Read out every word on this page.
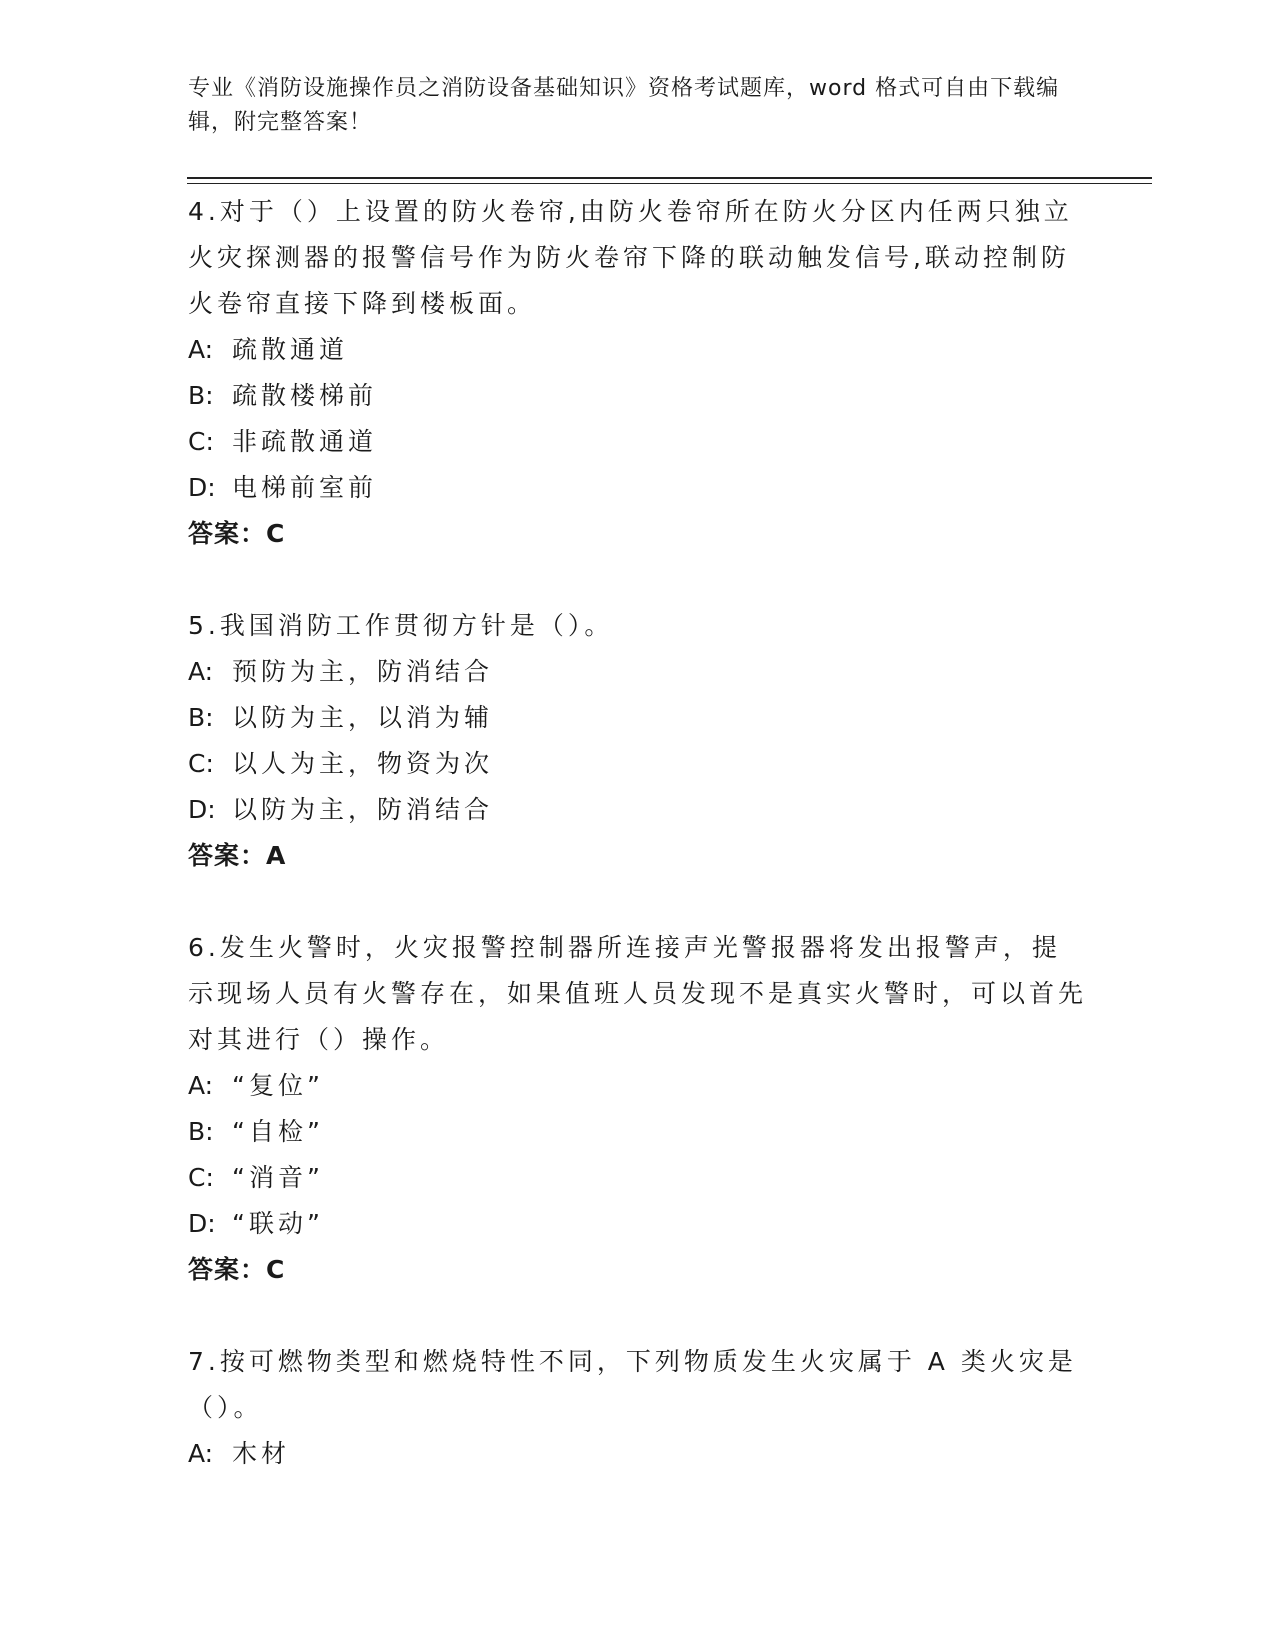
专业《消防设施操作员之消防设备基础知识》资格考试题库，word 格式可自由下载编辑，附完整答案！
4.对于（）上设置的防火卷帘,由防火卷帘所在防火分区内任两只独立火灾探测器的报警信号作为防火卷帘下降的联动触发信号,联动控制防火卷帘直接下降到楼板面。
A: 疏散通道
B: 疏散楼梯前
C: 非疏散通道
D: 电梯前室前
答案：C
5.我国消防工作贯彻方针是（）。
A: 预防为主，防消结合
B: 以防为主，以消为辅
C: 以人为主，物资为次
D: 以防为主，防消结合
答案：A
6.发生火警时，火灾报警控制器所连接声光警报器将发出报警声，提示现场人员有火警存在，如果值班人员发现不是真实火警时，可以首先对其进行（）操作。
A: “复位”
B: “自检”
C: “消音”
D: “联动”
答案：C
7.按可燃物类型和燃烧特性不同，下列物质发生火灾属于 A 类火灾是（）。
A: 木材
